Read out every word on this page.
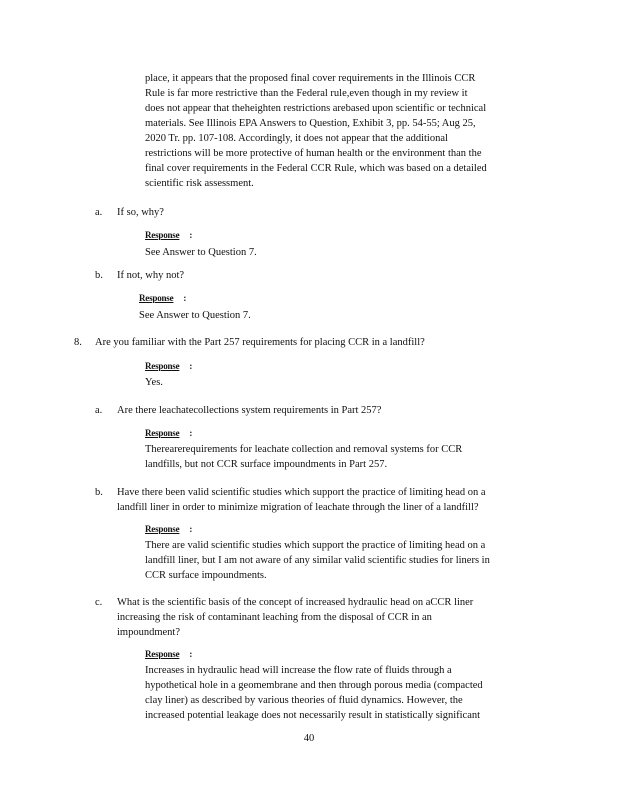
place, it appears that the proposed final cover requirements in the Illinois CCR

Rule is far more restrictive than the Federal rule,even though in my review it

does not appear that theheighten restrictions arebased upon scientific or technical

materials. See Illinois EPA Answers to Question, Exhibit 3, pp. 54-55; Aug 25,

2020 Tr. pp. 107-108. Accordingly, it does not appear that the additional

restrictions will be more protective of human health or the environment than the

final cover requirements in the Federal CCR Rule, which was based on a detailed

scientific risk assessment.

a. If so, why?
Response :
See Answer to Question 7.
b. If not, why not?
Response :
See Answer to Question 7.
8. Are you familiar with the Part 257 requirements for placing CCR in a landfill?
Response :
Yes.
a. Are there leachatecollections system requirements in Part 257?
Response :

Therearerequirements for leachate collection and removal systems for CCR

landfills, but not CCR surface impoundments in Part 257.

b. Have there been valid scientific studies which support the practice of limiting head on a

landfill liner in order to minimize migration of leachate through the liner of a landfill?

Response :

There are valid scientific studies which support the practice of limiting head on a

landfill liner, but I am not aware of any similar valid scientific studies for liners in

CCR surface impoundments.

c. What is the scientific basis of the concept of increased hydraulic head on aCCR liner

increasing the risk of contaminant leaching from the disposal of CCR in an

impoundment?

Response :

Increases in hydraulic head will increase the flow rate of fluids through a

hypothetical hole in a geomembrane and then through porous media (compacted

clay liner) as described by various theories of fluid dynamics. However, the

increased potential leakage does not necessarily result in statistically significant

40
